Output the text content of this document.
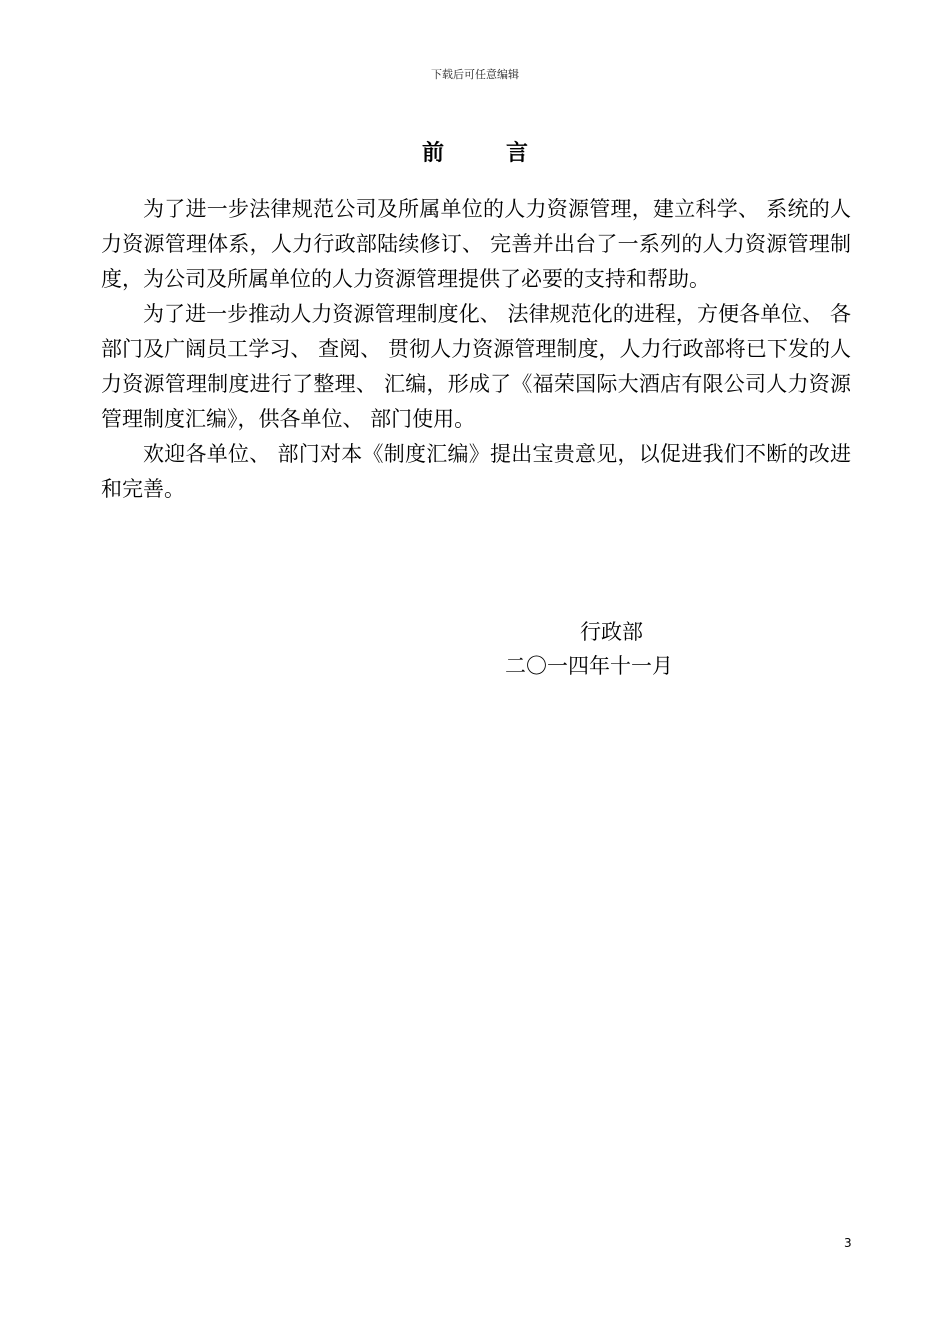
下载后可任意编辑
前言

为了进一步法律规范公司及所属单位的人力资源管理，建立科学、 系统的人力资源管理体系，人力行政部陆续修订、 完善并出台了一系列的人力资源管理制度，为公司及所属单位的人力资源管理提供了必要的支持和帮助。

为了进一步推动人力资源管理制度化、 法律规范化的进程，方便各单位、 各部门及广阔员工学习、 查阅、 贯彻人力资源管理制度，人力行政部将已下发的人力资源管理制度进行了整理、 汇编，形成了《福荣国际大酒店有限公司人力资源管理制度汇编》，供各单位、 部门使用。

欢迎各单位、 部门对本《制度汇编》提出宝贵意见，以促进我们不断的改进和完善。

行政部
二〇一四年十一月
3
